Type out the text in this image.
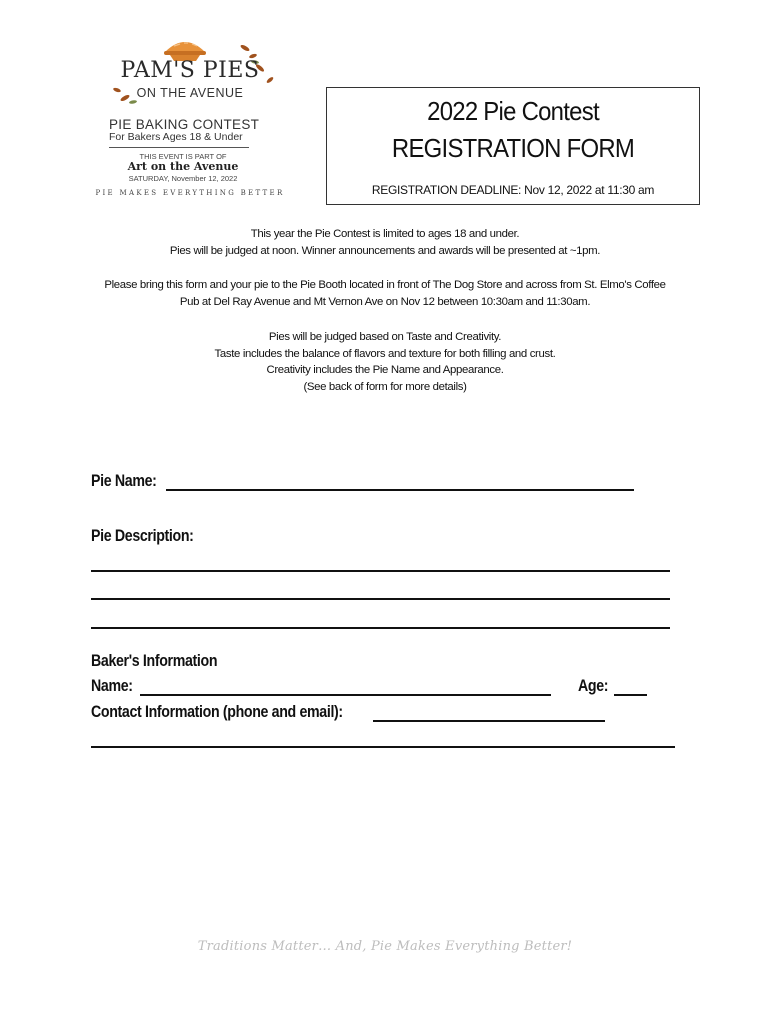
PAM'S PIES
ON THE AVENUE
PIE BAKING CONTEST
For Bakers Ages 18 & Under
THIS EVENT IS PART OF
Art on the Avenue
SATURDAY, November 12, 2022
PIE MAKES EVERYTHING BETTER
2022 Pie Contest
REGISTRATION FORM
REGISTRATION DEADLINE: Nov 12, 2022 at 11:30 am
This year the Pie Contest is limited to ages 18 and under.
Pies will be judged at noon. Winner announcements and awards will be presented at ~1pm.
Please bring this form and your pie to the Pie Booth located in front of The Dog Store and across from St. Elmo's Coffee
Pub at Del Ray Avenue and Mt Vernon Ave on Nov 12 between 10:30am and 11:30am.
Pies will be judged based on Taste and Creativity.
Taste includes the balance of flavors and texture for both filling and crust.
Creativity includes the Pie Name and Appearance.
(See back of form for more details)
Pie Name:
Pie Description:
Baker's Information
Name:	Age:
Contact Information (phone and email):
Traditions Matter… And, Pie Makes Everything Better!
